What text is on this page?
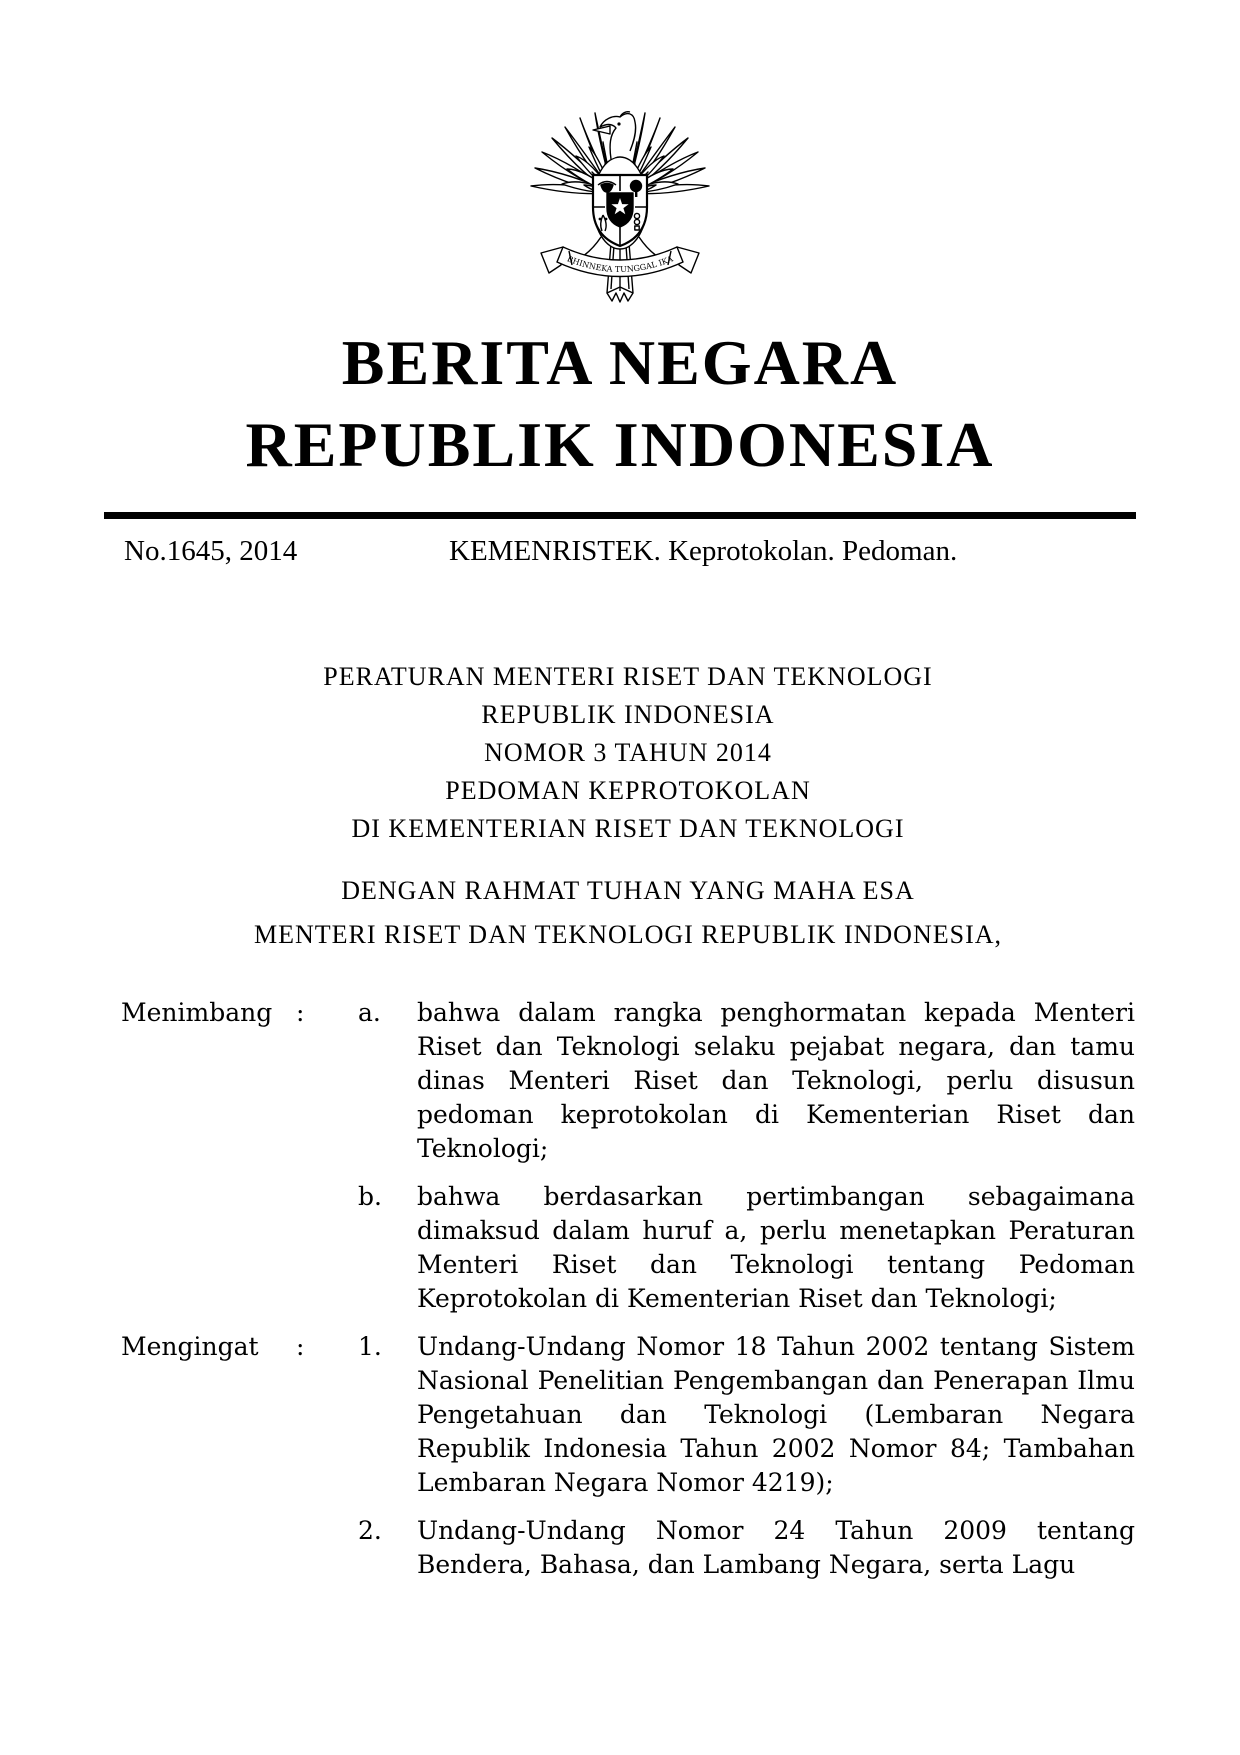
BHINNEKA TUNGGAL IKA
BERITA NEGARA
REPUBLIK INDONESIA
No.1645, 2014	KEMENRISTEK. Keprotokolan. Pedoman.
PERATURAN MENTERI RISET DAN TEKNOLOGI
REPUBLIK INDONESIA
NOMOR 3 TAHUN 2014
PEDOMAN KEPROTOKOLAN
DI KEMENTERIAN RISET DAN TEKNOLOGI
DENGAN RAHMAT TUHAN YANG MAHA ESA
MENTERI RISET DAN TEKNOLOGI REPUBLIK INDONESIA,
Menimbang :	a.	bahwa dalam rangka penghormatan kepada Menteri Riset dan Teknologi selaku pejabat negara, dan tamu dinas Menteri Riset dan Teknologi, perlu disusun pedoman keprotokolan di Kementerian Riset dan Teknologi;
b.	bahwa berdasarkan pertimbangan sebagaimana dimaksud dalam huruf a, perlu menetapkan Peraturan Menteri Riset dan Teknologi tentang Pedoman Keprotokolan di Kementerian Riset dan Teknologi;
Mengingat	:	1.	Undang-Undang Nomor 18 Tahun 2002 tentang Sistem Nasional Penelitian Pengembangan dan Penerapan Ilmu Pengetahuan dan Teknologi (Lembaran Negara Republik Indonesia Tahun 2002 Nomor 84; Tambahan Lembaran Negara Nomor 4219);
2.	Undang-Undang Nomor 24 Tahun 2009 tentang Bendera, Bahasa, dan Lambang Negara, serta Lagu
